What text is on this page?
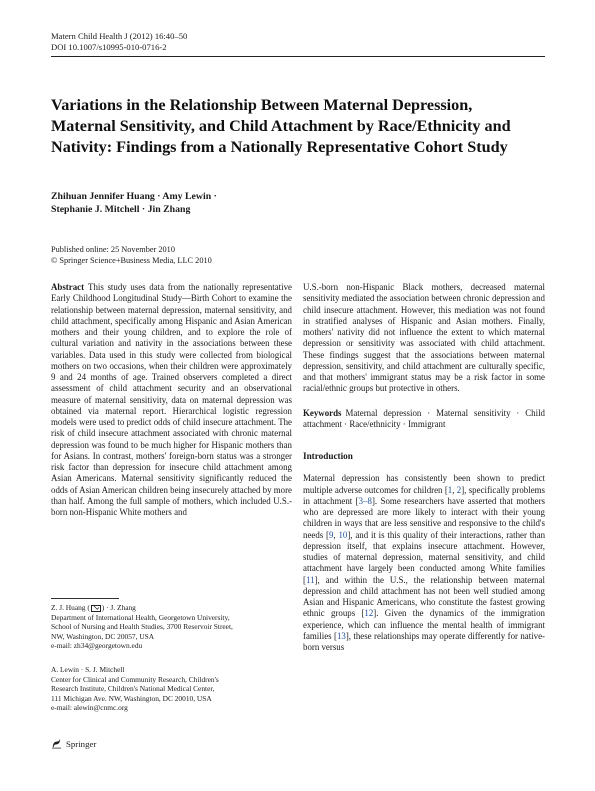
Matern Child Health J (2012) 16:40–50
DOI 10.1007/s10995-010-0716-2
Variations in the Relationship Between Maternal Depression, Maternal Sensitivity, and Child Attachment by Race/Ethnicity and Nativity: Findings from a Nationally Representative Cohort Study
Zhihuan Jennifer Huang · Amy Lewin ·
Stephanie J. Mitchell · Jin Zhang
Published online: 25 November 2010
© Springer Science+Business Media, LLC 2010
Abstract This study uses data from the nationally representative Early Childhood Longitudinal Study—Birth Cohort to examine the relationship between maternal depression, maternal sensitivity, and child attachment, specifically among Hispanic and Asian American mothers and their young children, and to explore the role of cultural variation and nativity in the associations between these variables. Data used in this study were collected from biological mothers on two occasions, when their children were approximately 9 and 24 months of age. Trained observers completed a direct assessment of child attachment security and an observational measure of maternal sensitivity, data on maternal depression was obtained via maternal report. Hierarchical logistic regression models were used to predict odds of child insecure attachment. The risk of child insecure attachment associated with chronic maternal depression was found to be much higher for Hispanic mothers than for Asians. In contrast, mothers' foreign-born status was a stronger risk factor than depression for insecure child attachment among Asian Americans. Maternal sensitivity significantly reduced the odds of Asian American children being insecurely attached by more than half. Among the full sample of mothers, which included U.S.-born non-Hispanic White mothers and
U.S.-born non-Hispanic Black mothers, decreased maternal sensitivity mediated the association between chronic depression and child insecure attachment. However, this mediation was not found in stratified analyses of Hispanic and Asian mothers. Finally, mothers' nativity did not influence the extent to which maternal depression or sensitivity was associated with child attachment. These findings suggest that the associations between maternal depression, sensitivity, and child attachment are culturally specific, and that mothers' immigrant status may be a risk factor in some racial/ethnic groups but protective in others.
Keywords Maternal depression · Maternal sensitivity · Child attachment · Race/ethnicity · Immigrant
Introduction
Maternal depression has consistently been shown to predict multiple adverse outcomes for children [1, 2], specifically problems in attachment [3–8]. Some researchers have asserted that mothers who are depressed are more likely to interact with their young children in ways that are less sensitive and responsive to the child's needs [9, 10], and it is this quality of their interactions, rather than depression itself, that explains insecure attachment. However, studies of maternal depression, maternal sensitivity, and child attachment have largely been conducted among White families [11], and within the U.S., the relationship between maternal depression and child attachment has not been well studied among Asian and Hispanic Americans, who constitute the fastest growing ethnic groups [12]. Given the dynamics of the immigration experience, which can influence the mental health of immigrant families [13], these relationships may operate differently for native-born versus
Z. J. Huang ( ) · J. Zhang
Department of International Health, Georgetown University,
School of Nursing and Health Studies, 3700 Reservoir Street,
NW, Washington, DC 20057, USA
e-mail: zh34@georgetown.edu
A. Lewin · S. J. Mitchell
Center for Clinical and Community Research, Children's
Research Institute, Children's National Medical Center,
111 Michigan Ave. NW, Washington, DC 20010, USA
e-mail: alewin@cnmc.org
Springer
